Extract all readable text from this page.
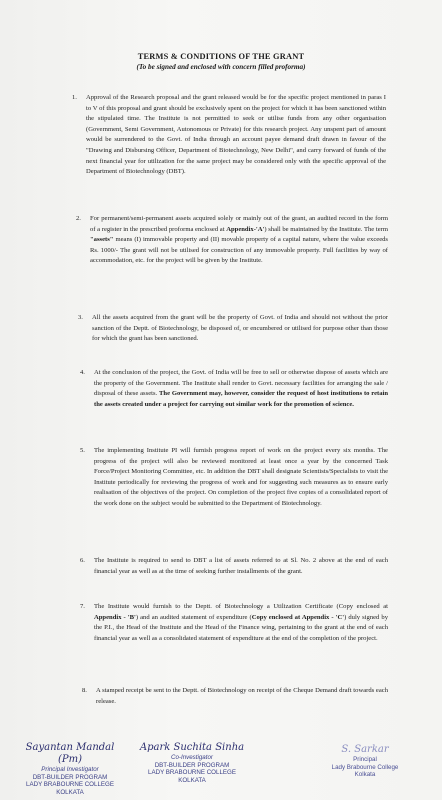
TERMS & CONDITIONS OF THE GRANT
(To be signed and enclosed with concern filled proforma)
1. Approval of the Research proposal and the grant released would be for the specific project mentioned in paras I to V of this proposal and grant should be exclusively spent on the project for which it has been sanctioned within the stipulated time. The Institute is not permitted to seek or utilise funds from any other organisation (Government, Semi Government, Autonomous or Private) for this research project. Any unspent part of amount would be surrendered to the Govt. of India through an account payee demand draft drawn in favour of the "Drawing and Disbursing Officer, Department of Biotechnology, New Delhi", and carry forward of funds of the next financial year for utilization for the same project may be considered only with the specific approval of the Department of Biotechnology (DBT).
2. For permanent/semi-permanent assets acquired solely or mainly out of the grant, an audited record in the form of a register in the prescribed proforma enclosed at Appendix-'A') shall be maintained by the Institute. The term "assets" means (I) immovable property and (II) movable property of a capital nature, where the value exceeds Rs. 1000/- The grant will not be utilised for construction of any immovable property. Full facilities by way of accommodation, etc. for the project will be given by the Institute.
3. All the assets acquired from the grant will be the property of Govt. of India and should not without the prior sanction of the Deptt. of Biotechnology, be disposed of, or encumbered or utilised for purpose other than those for which the grant has been sanctioned.
4. At the conclusion of the project, the Govt. of India will be free to sell or otherwise dispose of assets which are the property of the Government. The Institute shall render to Govt. necessary facilities for arranging the sale / disposal of these assets. The Government may, however, consider the request of host institutions to retain the assets created under a project for carrying out similar work for the promotion of science.
5. The implementing Institute PI will furnish progress report of work on the project every six months. The progress of the project will also be reviewed monitored at least once a year by the concerned Task Force/Project Monitoring Committee, etc. In addition the DBT shall designate Scientists/Specialists to visit the Institute periodically for reviewing the progress of work and for suggesting such measures as to ensure early realisation of the objectives of the project. On completion of the project five copies of a consolidated report of the work done on the subject would be submitted to the Department of Biotechnology.
6. The Institute is required to send to DBT a list of assets referred to at Sl. No. 2 above at the end of each financial year as well as at the time of seeking further installments of the grant.
7. The Institute would furnish to the Deptt. of Biotechnology a Utilization Certificate (Copy enclosed at Appendix - 'B') and an audited statement of expenditure (Copy enclosed at Appendix - 'C') duly signed by the P.I., the Head of the Institute and the Head of the Finance wing, pertaining to the grant at the end of each financial year as well as a consolidated statement of expenditure at the end of the completion of the project.
8. A stamped receipt be sent to the Deptt. of Biotechnology on receipt of the Cheque Demand draft towards each release.
Sayantan Mandal (Pm)
Principal Investigator
DBT-BUILDER PROGRAM
LADY BRABOURNE COLLEGE
KOLKATA
Apark Suchita Sinha
Co-Investigator
DBT-BUILDER PROGRAM
LADY BRABOURNE COLLEGE
KOLKATA
S. Sarkar
Principal
Lady Brabourne College
Kolkata
